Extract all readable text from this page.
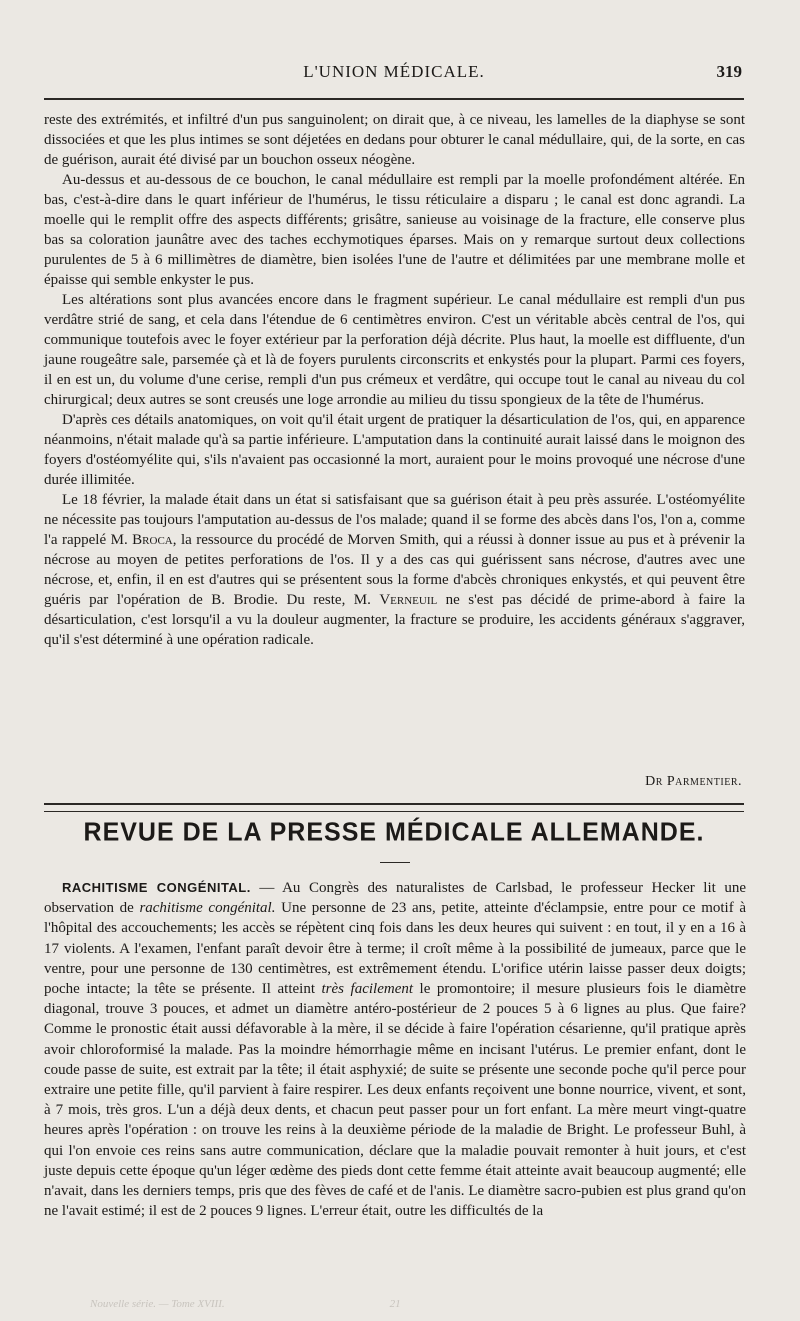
L'UNION MÉDICALE.	319

reste des extrémités, et infiltré d'un pus sanguinolent; on dirait que, à ce niveau, les lamelles de la diaphyse se sont dissociées et que les plus intimes se sont déjetées en dedans pour obturer le canal médullaire, qui, de la sorte, en cas de guérison, aurait été divisé par un bouchon osseux néogène.

Au-dessus et au-dessous de ce bouchon, le canal médullaire est rempli par la moelle profondément altérée. En bas, c'est-à-dire dans le quart inférieur de l'humérus, le tissu réticulaire a disparu ; le canal est donc agrandi. La moelle qui le remplit offre des aspects différents; grisâtre, sanieuse au voisinage de la fracture, elle conserve plus bas sa coloration jaunâtre avec des taches ecchymotiques éparses. Mais on y remarque surtout deux collections purulentes de 5 à 6 millimètres de diamètre, bien isolées l'une de l'autre et délimitées par une membrane molle et épaisse qui semble enkyster le pus.

Les altérations sont plus avancées encore dans le fragment supérieur. Le canal médullaire est rempli d'un pus verdâtre strié de sang, et cela dans l'étendue de 6 centimètres environ. C'est un véritable abcès central de l'os, qui communique toutefois avec le foyer extérieur par la perforation déjà décrite. Plus haut, la moelle est diffluente, d'un jaune rougeâtre sale, parsemée çà et là de foyers purulents circonscrits et enkystés pour la plupart. Parmi ces foyers, il en est un, du volume d'une cerise, rempli d'un pus crémeux et verdâtre, qui occupe tout le canal au niveau du col chirurgical; deux autres se sont creusés une loge arrondie au milieu du tissu spongieux de la tête de l'humérus.

D'après ces détails anatomiques, on voit qu'il était urgent de pratiquer la désarticulation de l'os, qui, en apparence néanmoins, n'était malade qu'à sa partie inférieure. L'amputation dans la continuité aurait laissé dans le moignon des foyers d'ostéomyélite qui, s'ils n'avaient pas occasionné la mort, auraient pour le moins provoqué une nécrose d'une durée illimitée.

Le 18 février, la malade était dans un état si satisfaisant que sa guérison était à peu près assurée. L'ostéomyélite ne nécessite pas toujours l'amputation au-dessus de l'os malade; quand il se forme des abcès dans l'os, l'on a, comme l'a rappelé M. Broca, la ressource du procédé de Morven Smith, qui a réussi à donner issue au pus et à prévenir la nécrose au moyen de petites perforations de l'os. Il y a des cas qui guérissent sans nécrose, d'autres avec une nécrose, et, enfin, il en est d'autres qui se présentent sous la forme d'abcès chroniques enkystés, et qui peuvent être guéris par l'opération de B. Brodie. Du reste, M. Verneuil ne s'est pas décidé de prime-abord à faire la désarticulation, c'est lorsqu'il a vu la douleur augmenter, la fracture se produire, les accidents généraux s'aggraver, qu'il s'est déterminé à une opération radicale.

Dr Parmentier.
REVUE DE LA PRESSE MÉDICALE ALLEMANDE.

RACHITISME CONGÉNITAL. — Au Congrès des naturalistes de Carlsbad, le professeur Hecker lit une observation de rachitisme congénital. Une personne de 23 ans, petite, atteinte d'éclampsie, entre pour ce motif à l'hôpital des accouchements; les accès se répètent cinq fois dans les deux heures qui suivent : en tout, il y en a 16 à 17 violents. A l'examen, l'enfant paraît devoir être à terme; il croît même à la possibilité de jumeaux, parce que le ventre, pour une personne de 130 centimètres, est extrêmement étendu. L'orifice utérin laisse passer deux doigts; poche intacte; la tête se présente. Il atteint très facilement le promontoire; il mesure plusieurs fois le diamètre diagonal, trouve 3 pouces, et admet un diamètre antéro-postérieur de 2 pouces 5 à 6 lignes au plus. Que faire? Comme le pronostic était aussi défavorable à la mère, il se décide à faire l'opération césarienne, qu'il pratique après avoir chloroformisé la malade. Pas la moindre hémorrhagie même en incisant l'utérus. Le premier enfant, dont le coude passe de suite, est extrait par la tête; il était asphyxié; de suite se présente une seconde poche qu'il perce pour extraire une petite fille, qu'il parvient à faire respirer. Les deux enfants reçoivent une bonne nourrice, vivent, et sont, à 7 mois, très gros. L'un a déjà deux dents, et chacun peut passer pour un fort enfant. La mère meurt vingt-quatre heures après l'opération : on trouve les reins à la deuxième période de la maladie de Bright. Le professeur Buhl, à qui l'on envoie ces reins sans autre communication, déclare que la maladie pouvait remonter à huit jours, et c'est juste depuis cette époque qu'un léger œdème des pieds dont cette femme était atteinte avait beaucoup augmenté; elle n'avait, dans les derniers temps, pris que des fèves de café et de l'anis. Le diamètre sacro-pubien est plus grand qu'on ne l'avait estimé; il est de 2 pouces 9 lignes. L'erreur était, outre les difficultés de la

Nouvelle série. — Tome XVIII.	21
